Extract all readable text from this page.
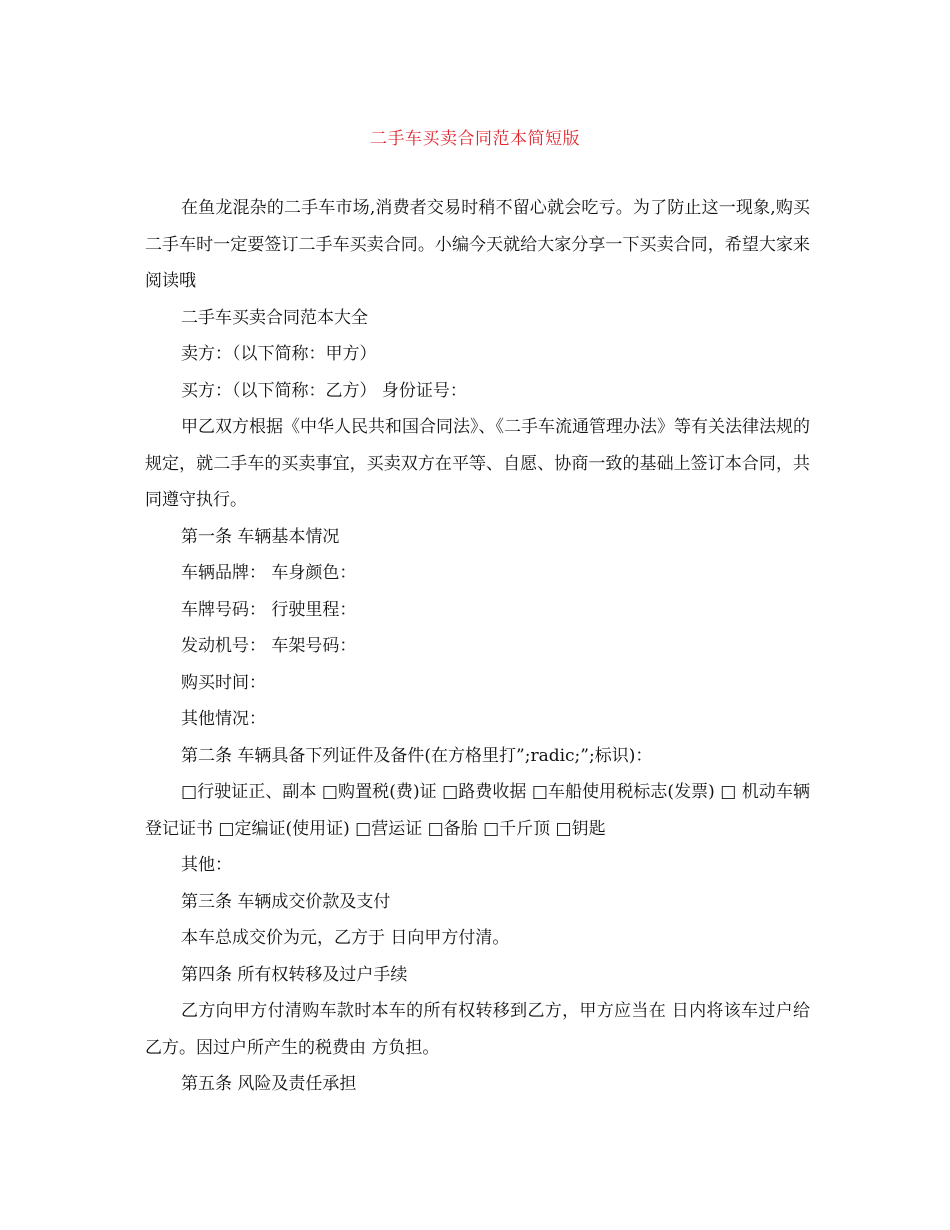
二手车买卖合同范本简短版

在鱼龙混杂的二手车市场,消费者交易时稍不留心就会吃亏。为了防止这一现象,购买二手车时一定要签订二手车买卖合同。小编今天就给大家分享一下买卖合同，希望大家来阅读哦

二手车买卖合同范本大全

卖方：（以下简称：甲方）

买方：（以下简称：乙方） 身份证号：

甲乙双方根据《中华人民共和国合同法》、《二手车流通管理办法》等有关法律法规的规定，就二手车的买卖事宜，买卖双方在平等、自愿、协商一致的基础上签订本合同，共同遵守执行。

第一条 车辆基本情况

车辆品牌： 车身颜色：

车牌号码： 行驶里程：

发动机号： 车架号码：

购买时间：

其他情况：

第二条 车辆具备下列证件及备件(在方格里打”;radic;”;标识)：

□行驶证正、副本 □购置税(费)证 □路费收据 □车船使用税标志(发票) □ 机动车辆登记证书 □定编证(使用证) □营运证 □备胎 □千斤顶 □钥匙

其他：

第三条 车辆成交价款及支付

本车总成交价为元，乙方于 日向甲方付清。

第四条 所有权转移及过户手续

乙方向甲方付清购车款时本车的所有权转移到乙方，甲方应当在 日内将该车过户给乙方。因过户所产生的税费由 方负担。

第五条 风险及责任承担
